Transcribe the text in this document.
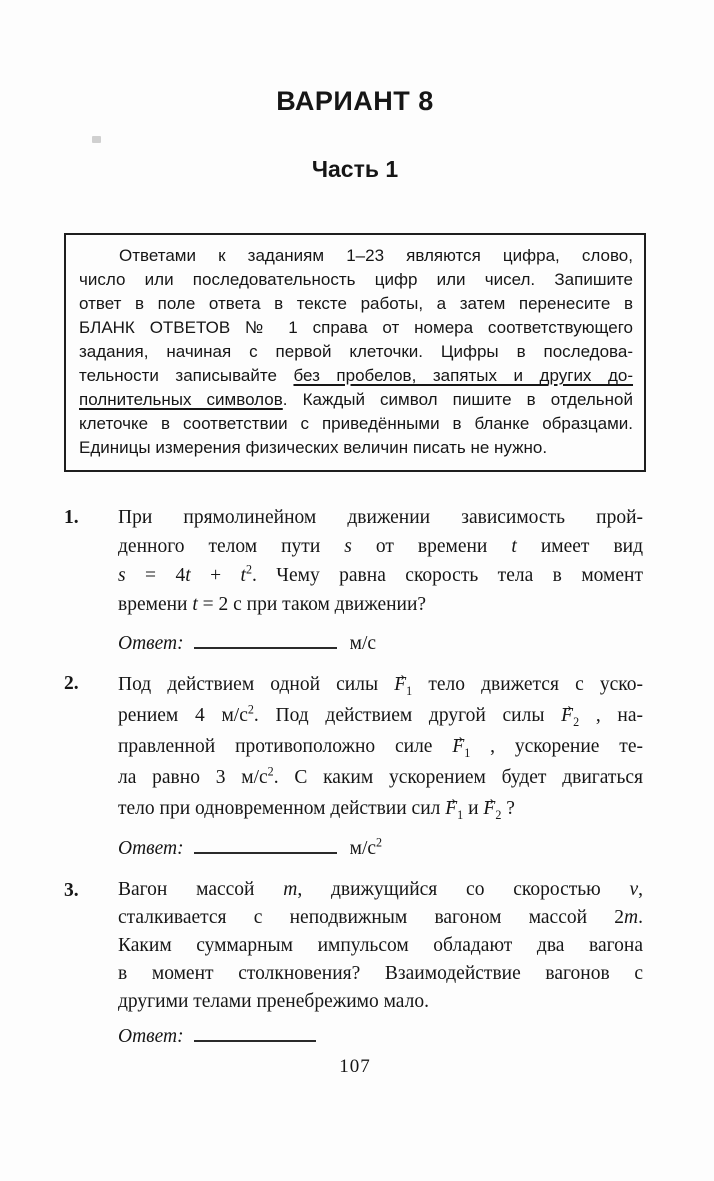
ВАРИАНТ 8
Часть 1
Ответами к заданиям 1–23 являются цифра, слово,
число или последовательность цифр или чисел. Запишите
ответ в поле ответа в тексте работы, а затем перенесите в
БЛАНК ОТВЕТОВ № 1 справа от номера соответствующего
задания, начиная с первой клеточки. Цифры в последова-
тельности записывайте без пробелов, запятых и других до-
полнительных символов. Каждый символ пишите в отдельной
клеточке в соответствии с приведёнными в бланке образцами.
Единицы измерения физических величин писать не нужно.
1.	При прямолинейном движении зависимость прой-
денного телом пути s от времени t имеет вид
$s = 4t + t^2$. Чему равна скорость тела в момент
времени t = 2 с при таком движении?
Ответ:	м/с
2.	Под действием одной силы → $F_1$ тело движется с уско-
рением 4 $м/с^2$. Под действием другой силы → $F_2$ , на-
правленной противоположно силе → $F_1$ , ускорение те-
ла равно 3 $м/с^2$. С каким ускорением будет двигаться
тело при одновременном действии сил → $F_1$ $и \to F_2$ ?
Ответ:	$м/с^2$
3.	Вагон массой m, движущийся со скоростью v,
сталкивается с неподвижным вагоном массой 2m.
Каким суммарным импульсом обладают два вагона
в момент столкновения? Взаимодействие вагонов с
другими телами пренебрежимо мало.
Ответ:
107
